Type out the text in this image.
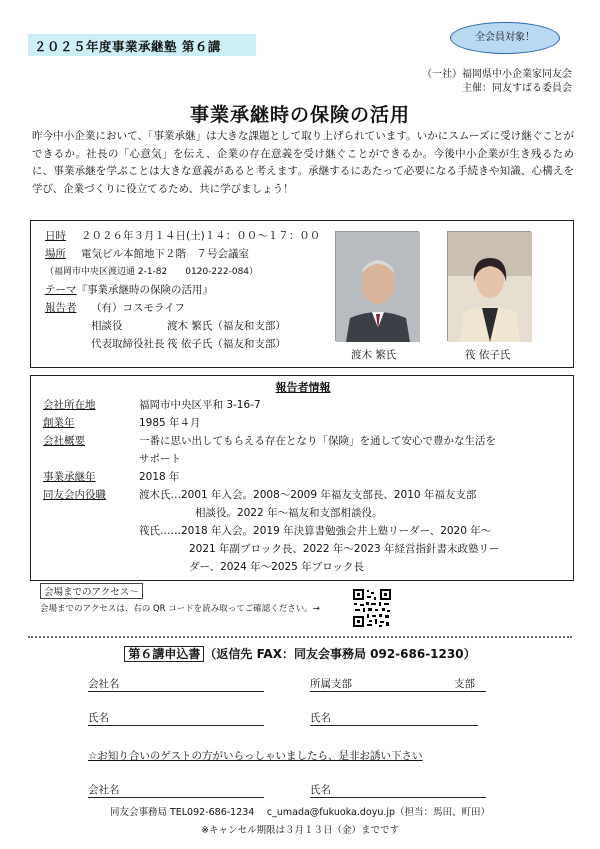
２０２５年度事業承継塾 第６講
全会員対象！
（一社）福岡県中小企業家同友会
主催：同友すばる委員会
事業承継時の保険の活用
昨今中小企業において、「事業承継」は大きな課題として取り上げられています。いかにスムーズに受け継ぐことができるか。社長の「心意気」を伝え、企業の存在意義を受け継ぐことができるか。今後中小企業が生き残るために、事業承継を学ぶことは大きな意義があると考えます。承継するにあたって必要になる手続きや知識、心構えを学び、企業づくりに役立てるため、共に学びましょう！
日時	２０２６年３月１４日(土)１４：００～１７：００
場所	電気ビル本館地下２階　７号会議室
（福岡市中央区渡辺通 2-1-82　　0120-222-084）
テーマ 『事業承継時の保険の活用』
報告者	（有）コスモライフ
相談役	渡木 繁氏（福友和支部）
代表取締役社長 筏 依子氏（福友和支部）
渡木 繁氏	筏 依子氏
報告者情報
会社所在地	福岡市中央区平和 3-16-7
創業年	1985 年４月
会社概要	一番に思い出してもらえる存在となり「保険」を通して安心で豊かな生活を
サポート
事業承継年	2018 年
同友会内役職	渡木氏…2001 年入会。2008～2009 年福友支部長、2010 年福友支部
相談役。2022 年～福友和支部相談役。
筏氏……2018 年入会。2019 年決算書勉強会井上塾リーダー、2020 年～
2021 年副ブロック長、2022 年～2023 年経営指針書末政塾リー
ダー、2024 年～2025 年ブロック長
会場までのアクセス～
会場までのアクセスは、右の QR コードを読み取ってご確認ください。→
第６講申込書 （返信先 FAX：同友会事務局 092-686-1230）
会社名	所属支部	支部
氏名	氏名
☆お知り合いのゲストの方がいらっしゃいましたら、是非お誘い下さい
会社名	氏名
同友会事務局 TEL092-686-1234　 c_umada@fukuoka.doyu.jp（担当：馬田、町田）
※キャンセル期限は３月１３日（金）までです
